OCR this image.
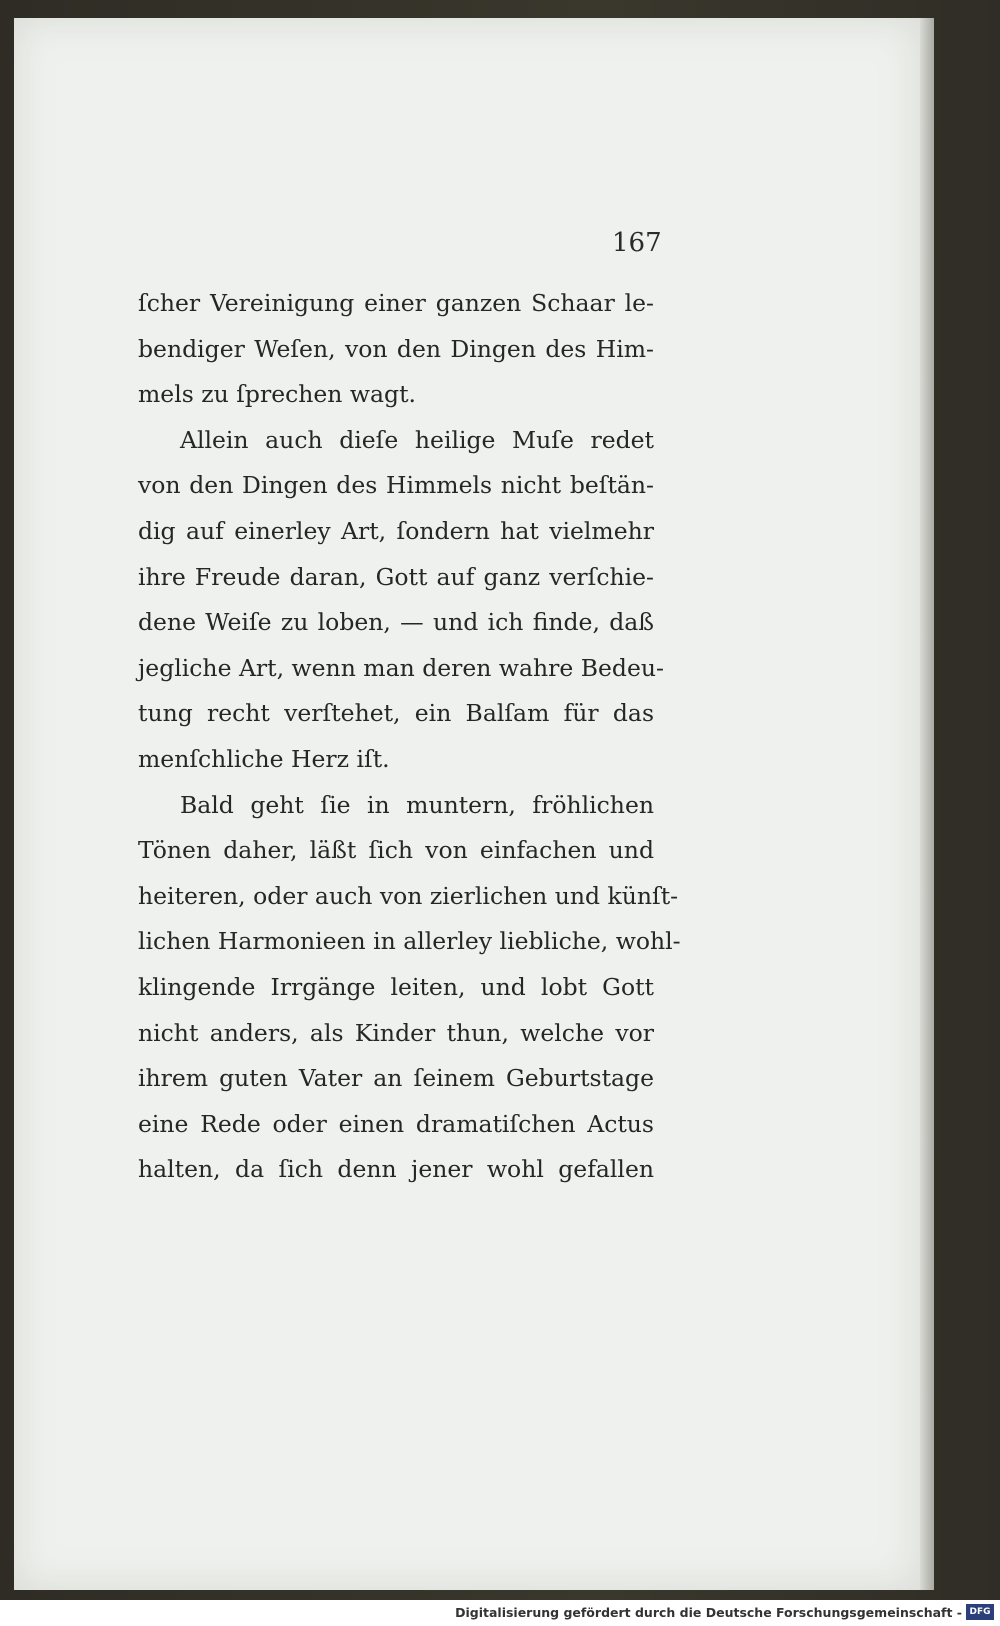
167
ſcher Vereinigung einer ganzen Schaar le-
bendiger Weſen, von den Dingen des Him-
mels zu ſprechen wagt.
Allein auch dieſe heilige Muſe redet
von den Dingen des Himmels nicht beſtän-
dig auf einerley Art, ſondern hat vielmehr
ihre Freude daran, Gott auf ganz verſchie-
dene Weiſe zu loben, — und ich finde, daß
jegliche Art, wenn man deren wahre Bedeu-
tung recht verſtehet, ein Balſam für das
menſchliche Herz iſt.
Bald geht ſie in muntern, fröhlichen
Tönen daher, läßt ſich von einfachen und
heiteren, oder auch von zierlichen und künſt-
lichen Harmonieen in allerley liebliche, wohl-
klingende Irrgänge leiten, und lobt Gott
nicht anders, als Kinder thun, welche vor
ihrem guten Vater an ſeinem Geburtstage
eine Rede oder einen dramatiſchen Actus
halten, da ſich denn jener wohl gefallen
Digitalisierung gefördert durch die Deutsche Forschungsgemeinschaft - DFG
